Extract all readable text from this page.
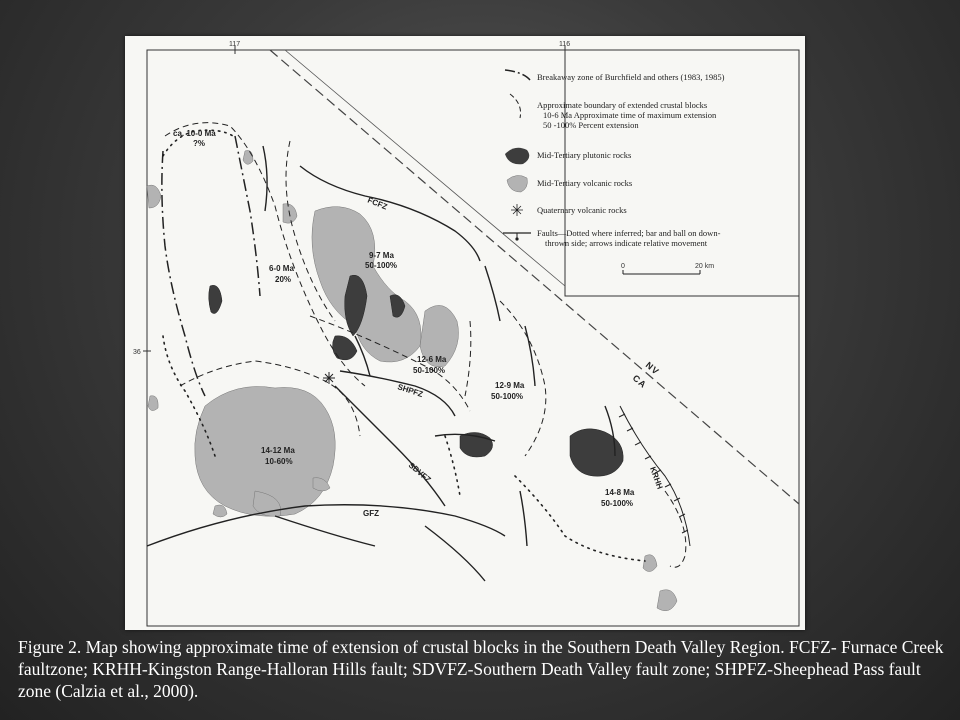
117	116
36
NV
CA
FCFZ
SHPFZ
SDVFZ
GFZ
KRHH
ca. 10-0 Ma
?%
6-0 Ma
20%
9-7 Ma
50-100%
12-6 Ma
50-100%
12-9 Ma
50-100%
14-12 Ma
10-60%
14-8 Ma
50-100%
Breakaway zone of Burchfield and others (1983, 1985)
Approximate boundary of extended crustal blocks
10-6 Ma Approximate time of maximum extension
50 -100% Percent extension
Mid-Tertiary plutonic rocks
Mid-Tertiary volcanic rocks
Quaternary volcanic rocks
Faults—Dotted where inferred; bar and ball on down-
thrown side; arrows indicate relative movement
0	20 km
Figure 2. Map showing approximate time of extension of crustal blocks in the Southern Death Valley Region. FCFZ- Furnace Creek faultzone; KRHH-Kingston Range-Halloran Hills fault; SDVFZ-Southern Death Valley fault zone; SHPFZ-Sheephead Pass fault zone (Calzia et al., 2000).
